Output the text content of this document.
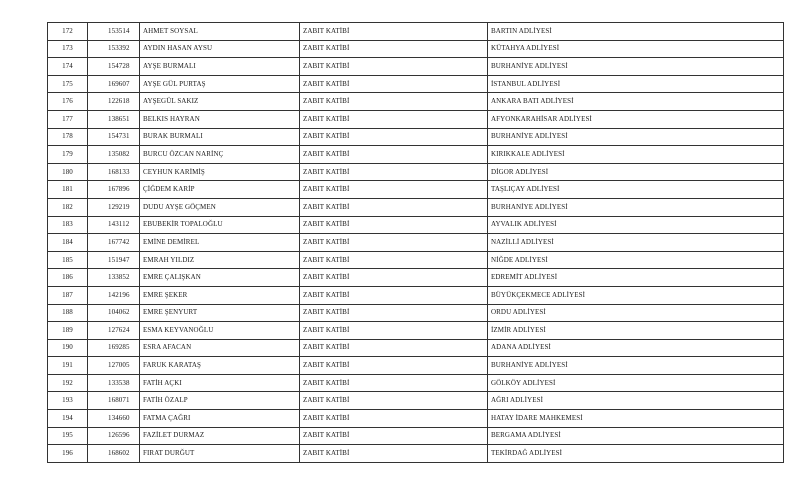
172	153514	AHMET SOYSAL	ZABIT KATİBİ	BARTIN ADLİYESİ
173	153392	AYDIN HASAN AYSU	ZABIT KATİBİ	KÜTAHYA ADLİYESİ
174	154728	AYŞE BURMALI	ZABIT KATİBİ	BURHANİYE ADLİYESİ
175	169607	AYŞE GÜL PURTAŞ	ZABIT KATİBİ	İSTANBUL ADLİYESİ
176	122618	AYŞEGÜL SAKIZ	ZABIT KATİBİ	ANKARA BATI ADLİYESİ
177	138651	BELKIS HAYRAN	ZABIT KATİBİ	AFYONKARAHİSAR ADLİYESİ
178	154731	BURAK BURMALI	ZABIT KATİBİ	BURHANİYE ADLİYESİ
179	135082	BURCU ÖZCAN NARİNÇ	ZABIT KATİBİ	KIRIKKALE ADLİYESİ
180	168133	CEYHUN KARİMİŞ	ZABIT KATİBİ	DİGOR ADLİYESİ
181	167896	ÇİĞDEM KARİP	ZABIT KATİBİ	TAŞLIÇAY ADLİYESİ
182	129219	DUDU AYŞE GÖÇMEN	ZABIT KATİBİ	BURHANİYE ADLİYESİ
183	143112	EBUBEKİR TOPALOĞLU	ZABIT KATİBİ	AYVALIK ADLİYESİ
184	167742	EMİNE DEMİREL	ZABIT KATİBİ	NAZİLLİ ADLİYESİ
185	151947	EMRAH YILDIZ	ZABIT KATİBİ	NİĞDE ADLİYESİ
186	133852	EMRE ÇALIŞKAN	ZABIT KATİBİ	EDREMİT ADLİYESİ
187	142196	EMRE ŞEKER	ZABIT KATİBİ	BÜYÜKÇEKMECE ADLİYESİ
188	104062	EMRE ŞENYURT	ZABIT KATİBİ	ORDU ADLİYESİ
189	127624	ESMA KEYVANOĞLU	ZABIT KATİBİ	İZMİR ADLİYESİ
190	169285	ESRA AFACAN	ZABIT KATİBİ	ADANA ADLİYESİ
191	127005	FARUK KARATAŞ	ZABIT KATİBİ	BURHANİYE ADLİYESİ
192	133538	FATİH AÇKI	ZABIT KATİBİ	GÖLKÖY ADLİYESİ
193	168071	FATİH ÖZALP	ZABIT KATİBİ	AĞRI ADLİYESİ
194	134660	FATMA ÇAĞRI	ZABIT KATİBİ	HATAY İDARE MAHKEMESİ
195	126596	FAZİLET DURMAZ	ZABIT KATİBİ	BERGAMA ADLİYESİ
196	168602	FIRAT DURĞUT	ZABIT KATİBİ	TEKİRDAĞ ADLİYESİ
